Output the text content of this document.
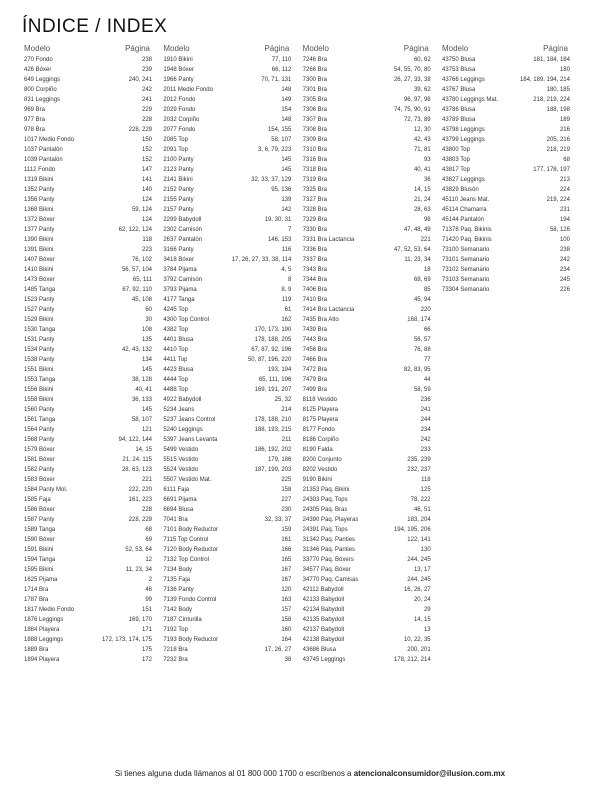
ÍNDICE / INDEX
Modelo	Página
270 Fondo	238
426 Bóxer	239
649 Leggings	240, 241
800 Corpiño	242
831 Leggings	241
969 Bra	229
977 Bra	228
978 Bra	228, 229
1017 Medio Fondo	150
1037 Pantalón	152
1039 Pantalón	152
1112 Fondo	147
1319 Bikini	141
1352 Panty	140
1356 Panty	124
1368 Bikini	59, 124
1372 Bóxer	124
1377 Panty	62, 122, 124
1390 Bikini	118
1391 Bikini	223
1407 Bóxer	76, 102
1410 Bikini	56, 57, 104
1473 Bóxer	65, 111
1485 Tanga	67, 92, 110
1523 Panty	45, 108
1527 Panty	60
1529 Bikini	30
1530 Tanga	108
1531 Panty	135
1534 Panty	42, 43, 132
1538 Panty	134
1551 Bikini	145
1553 Tanga	38, 128
1556 Bikini	40, 41
1558 Bikini	36, 133
1560 Panty	145
1561 Tanga	58, 107
1564 Panty	121
1568 Panty	94, 122, 144
1579 Bóxer	14, 15
1581 Bóxer	21, 24, 115
1582 Panty	28, 63, 123
1583 Bóxer	221
1584 Panty Mol.	222, 220
1585 Faja	161, 223
1586 Bóxer	228
1587 Panty	228, 229
1589 Tanga	68
1590 Bóxer	69
1591 Bikini	52, 53, 64
1594 Tanga	12
1595 Bikini	11, 23, 34
1625 Pijama	2
1714 Bra	46
1787 Bra	99
1817 Medio Fondo	151
1876 Leggings	169, 170
1884 Playera	171
1888 Leggings	172, 173, 174, 175
1889 Bra	175
1894 Playera	172
Modelo	Página
1910 Bikini	77, 110
1948 Bóxer	66, 112
1966 Panty	70, 71, 131
2011 Medio Fondo	148
2012 Fondo	149
2029 Fondo	154
2032 Corpiño	148
2077 Fondo	154, 155
2085 Top	58, 107
2091 Top	3, 6, 79, 223
2100 Panty	145
2123 Panty	145
2141 Bikini	32, 33, 37, 129
2152 Panty	95, 136
2155 Panty	139
2157 Panty	142
2299 Babydoll	19, 30, 31
2302 Camisón	7
2637 Pantalón	146, 153
3166 Panty	116
3418 Bóxer	17, 26, 27, 33, 38, 114
3784 Pijama	4, 5
3792 Camisón	8
3793 Pijama	8, 9
4177 Tanga	119
4245 Top	61
4300 Top Control	162
4382 Top	170, 173, 190
4401 Blusa	178, 188, 205
4410 Top	67, 87, 92, 196
4411 Top	50, 87, 196, 220
4423 Blusa	193, 194
4444 Top	65, 111, 196
4488 Top	169, 191, 207
4922 Babydoll	25, 32
5234 Jeans	214
5237 Jeans Control	178, 188, 210
5240 Leggings	188, 193, 215
5397 Jeans Levanta	211
5499 Vestido	186, 192, 202
5515 Vestido	179, 186
5524 Vestido	187, 199, 203
5507 Vestido Mat.	225
6111 Faja	158
6691 Pijama	227
6694 Blusa	230
7041 Bra	32, 33, 37
7101 Body Reductor	159
7115 Top Control	161
7120 Body Reductor	166
7132 Top Control	165
7134 Body	167
7135 Faja	167
7136 Panty	120
7139 Fondo Control	163
7142 Body	157
7187 Cinturilla	158
7192 Top	160
7193 Body Reductor	164
7218 Bra	17, 26, 27
7232 Bra	38
Modelo	Página
7246 Bra	60, 62
7266 Bra	54, 55, 70, 80
7300 Bra	26, 27, 33, 38
7301 Bra	39, 62
7305 Bra	96, 97, 98
7306 Bra	74, 75, 90, 91
7307 Bra	72, 73, 89
7308 Bra	12, 30
7309 Bra	42, 43
7310 Bra	71, 81
7316 Bra	93
7318 Bra	40, 41
7319 Bra	36
7325 Bra	14, 15
7327 Bra	21, 24
7328 Bra	28, 63
7329 Bra	98
7330 Bra	47, 48, 49
7331 Bra Lactancia	221
7336 Bra	47, 52, 53, 64
7337 Bra	11, 23, 34
7343 Bra	18
7344 Bra	68, 69
7406 Bra	85
7410 Bra	45, 94
7414 Bra Lactancia	220
7435 Bra Alto	168, 174
7439 Bra	66
7443 Bra	56, 57
7456 Bra	76, 88
7466 Bra	77
7472 Bra	82, 83, 95
7479 Bra	44
7499 Bra	58, 59
8118 Vestido	236
8125 Playera	241
8175 Playera	244
8177 Fondo	234
8186 Corpiño	242
8190 Falda	233
8200 Conjunto	235, 239
8202 Vestido	232, 237
9190 Bikini	118
21353 Paq. Bikini	125
24303 Paq. Tops	78, 222
24305 Paq. Bras	46, 51
24390 Paq. Playeras	183, 204
24391 Paq. Tops	194, 195, 206
31342 Paq. Panties	122, 141
31346 Paq. Panties	130
33770 Paq. Bóxers	244, 245
34577 Paq. Bóxer	13, 17
34770 Paq. Camisas	244, 245
42112 Babydoll	16, 26, 27
42133 Babydoll	20, 24
42134 Babydoll	29
42135 Babydoll	14, 15
42137 Babydoll	13
42138 Babydoll	10, 22, 35
43686 Blusa	200, 201
43745 Leggings	178, 212, 214
Modelo	Página
43750 Blusa	181, 184, 184
43753 Blusa	180
43766 Leggings	184, 189, 194, 214
43767 Blusa	180, 185
43780 Leggings Mat.	218, 219, 224
43786 Blusa	188, 198
43789 Blusa	189
43798 Leggings	216
43799 Leggings	205, 216
43800 Top	218, 219
43803 Top	68
43817 Top	177, 178, 197
43827 Leggings	213
43829 Blusón	224
45110 Jeans Mat.	219, 224
45114 Chamarra	231
45144 Pantalón	194
71378 Paq. Bikinis	58, 126
71420 Paq. Bikinis	100
73100 Semanario	238
73101 Semanario	242
73102 Semanario	234
73103 Semanario	245
73304 Semanario	226
Si tienes alguna duda llámanos al 01 800 000 1700 o escríbenos a atencionalconsumidor@ilusion.com.mx
